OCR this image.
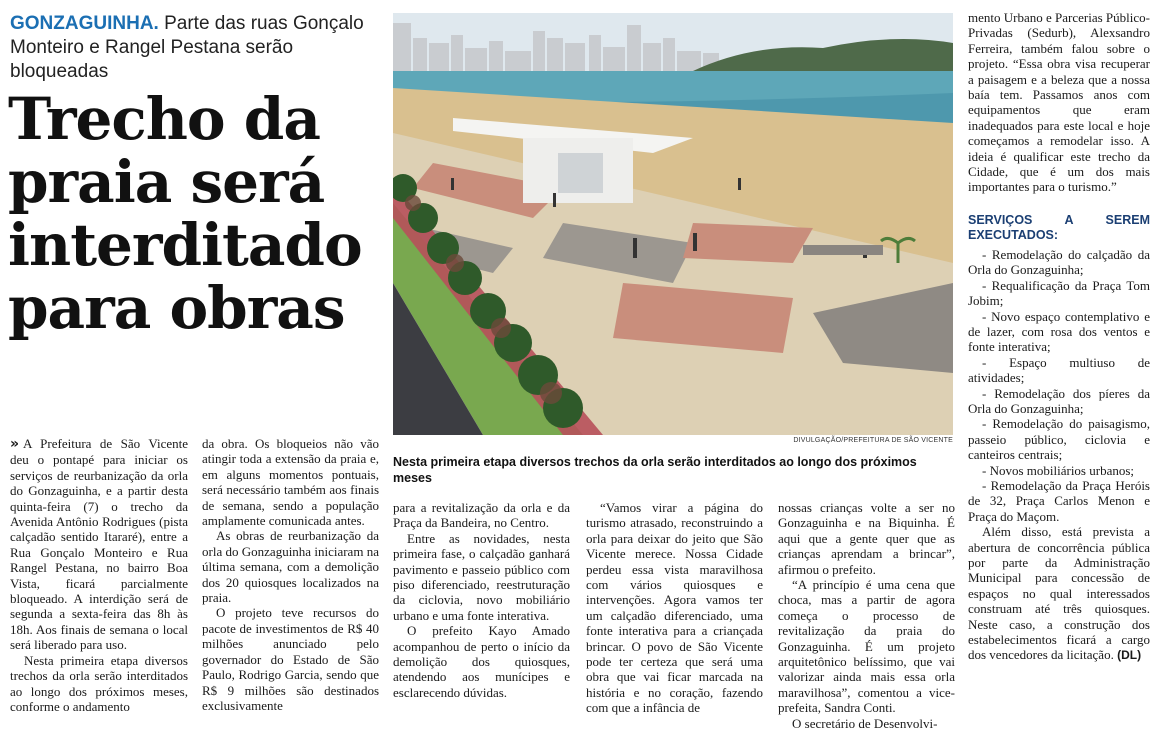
GONZAGUINHA. Parte das ruas Gonçalo Monteiro e Rangel Pestana serão bloqueadas
Trecho da praia será interditado para obras
DIVULGAÇÃO/PREFEITURA DE SÃO VICENTE
Nesta primeira etapa diversos trechos da orla serão interditados ao longo dos próximos meses

» A Prefeitura de São Vicente deu o pontapé para iniciar os serviços de reurbanização da orla do Gonzaguinha, e a partir desta quinta-feira (7) o trecho da Avenida Antônio Rodrigues (pista calçadão sentido Itararé), entre a Rua Gonçalo Monteiro e Rua Rangel Pestana, no bairro Boa Vista, ficará parcialmente bloqueado. A interdição será de segunda a sexta-feira das 8h às 18h. Aos finais de semana o local será liberado para uso.

Nesta primeira etapa diversos trechos da orla serão interditados ao longo dos próximos meses, conforme o andamento

da obra. Os bloqueios não vão atingir toda a extensão da praia e, em alguns momentos pontuais, será necessário também aos finais de semana, sendo a população amplamente comunicada antes.

As obras de reurbanização da orla do Gonzaguinha iniciaram na última semana, com a demolição dos 20 quiosques localizados na praia.

O projeto teve recursos do pacote de investimentos de R$ 40 milhões anunciado pelo governador do Estado de São Paulo, Rodrigo Garcia, sendo que R$ 9 milhões são destinados exclusivamente

para a revitalização da orla e da Praça da Bandeira, no Centro.

Entre as novidades, nesta primeira fase, o calçadão ganhará pavimento e passeio público com piso diferenciado, reestruturação da ciclovia, novo mobiliário urbano e uma fonte interativa.

O prefeito Kayo Amado acompanhou de perto o início da demolição dos quiosques, atendendo aos munícipes e esclarecendo dúvidas.

“Vamos virar a página do turismo atrasado, reconstruindo a orla para deixar do jeito que São Vicente merece. Nossa Cidade perdeu essa vista maravilhosa com vários quiosques e intervenções. Agora vamos ter um calçadão diferenciado, uma fonte interativa para a criançada brincar. O povo de São Vicente pode ter certeza que será uma obra que vai ficar marcada na história e no coração, fazendo com que a infância de

nossas crianças volte a ser no Gonzaguinha e na Biquinha. É aqui que a gente quer que as crianças aprendam a brincar”, afirmou o prefeito.

“A princípio é uma cena que choca, mas a partir de agora começa o processo de revitalização da praia do Gonzaguinha. É um projeto arquitetônico belíssimo, que vai valorizar ainda mais essa orla maravilhosa”, comentou a vice-prefeita, Sandra Conti.

O secretário de Desenvolvi-

mento Urbano e Parcerias Público-Privadas (Sedurb), Alexsandro Ferreira, também falou sobre o projeto. “Essa obra visa recuperar a paisagem e a beleza que a nossa baía tem. Passamos anos com equipamentos que eram inadequados para este local e hoje começamos a remodelar isso. A ideia é qualificar este trecho da Cidade, que é um dos mais importantes para o turismo.”

SERVIÇOS A SEREM EXECUTADOS:

- Remodelação do calçadão da Orla do Gonzaguinha;

- Requalificação da Praça Tom Jobim;

- Novo espaço contemplativo e de lazer, com rosa dos ventos e fonte interativa;

- Espaço multiuso de atividades;

- Remodelação dos píeres da Orla do Gonzaguinha;

- Remodelação do paisagismo, passeio público, ciclovia e canteiros centrais;

- Novos mobiliários urbanos;

- Remodelação da Praça Heróis de 32, Praça Carlos Menon e Praça do Maçom.

Além disso, está prevista a abertura de concorrência pública por parte da Administração Municipal para concessão de espaços no qual interessados construam até três quiosques. Neste caso, a construção dos estabelecimentos ficará a cargo dos vencedores da licitação. (DL)
